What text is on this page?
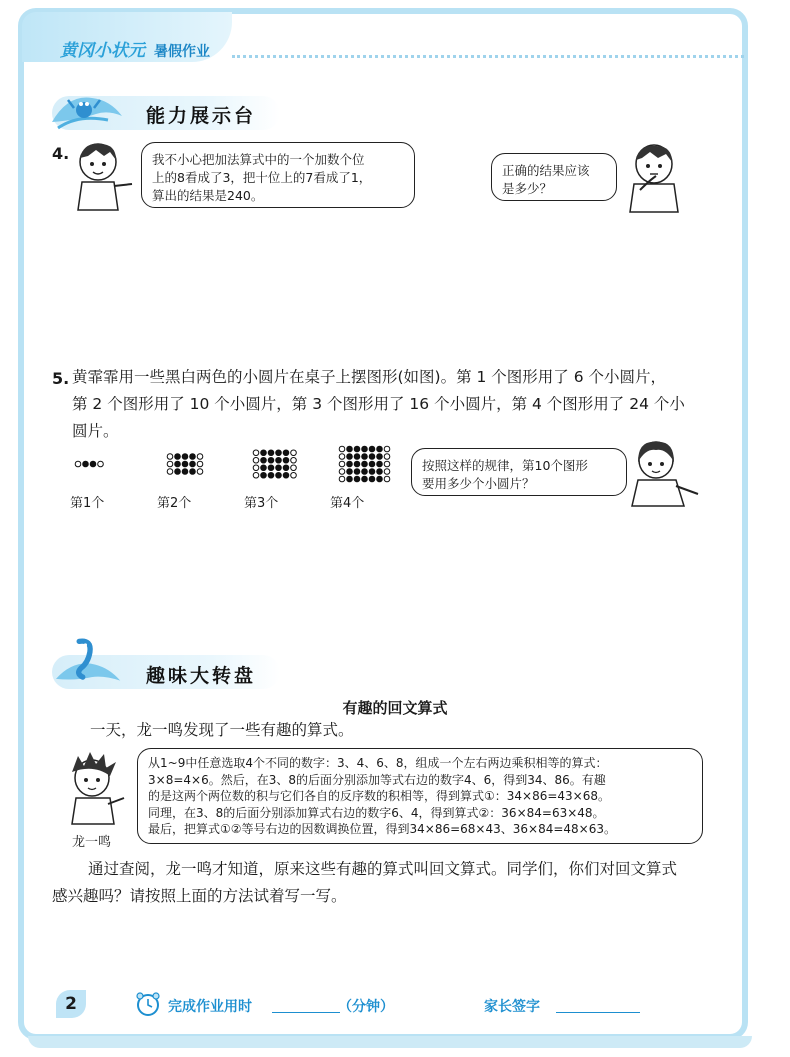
黄冈小状元 暑假作业
能力展示台
4.	我不小心把加法算式中的一个加数个位
上的8看成了3，把十位上的7看成了1，
算出的结果是240。
正确的结果应该
是多少？
5. 黄霏霏用一些黑白两色的小圆片在桌子上摆图形(如图)。第 1 个图形用了 6 个小圆片，
第 2 个图形用了 10 个小圆片，第 3 个图形用了 16 个小圆片，第 4 个图形用了 24 个小
圆片。
第1个	第2个	第3个	第4个
按照这样的规律，第10个图形
要用多少个小圆片？
趣味大转盘
有趣的回文算式
一天，龙一鸣发现了一些有趣的算式。
龙一鸣
从1~9中任意选取4个不同的数字：3、4、6、8，组成一个左右两边乘积相等的算式：
3×8=4×6。然后，在3、8的后面分别添加等式右边的数字4、6，得到34、86。有趣
的是这两个两位数的积与它们各自的反序数的积相等，得到算式①：34×86=43×68。
同理，在3、8的后面分别添加算式右边的数字6、4，得到算式②：36×84=63×48。
最后，把算式①②等号右边的因数调换位置，得到34×86=68×43、36×84=48×63。
通过查阅，龙一鸣才知道，原来这些有趣的算式叫回文算式。同学们，你们对回文算式
感兴趣吗？请按照上面的方法试着写一写。
2	完成作业用时	（分钟）	家长签字
